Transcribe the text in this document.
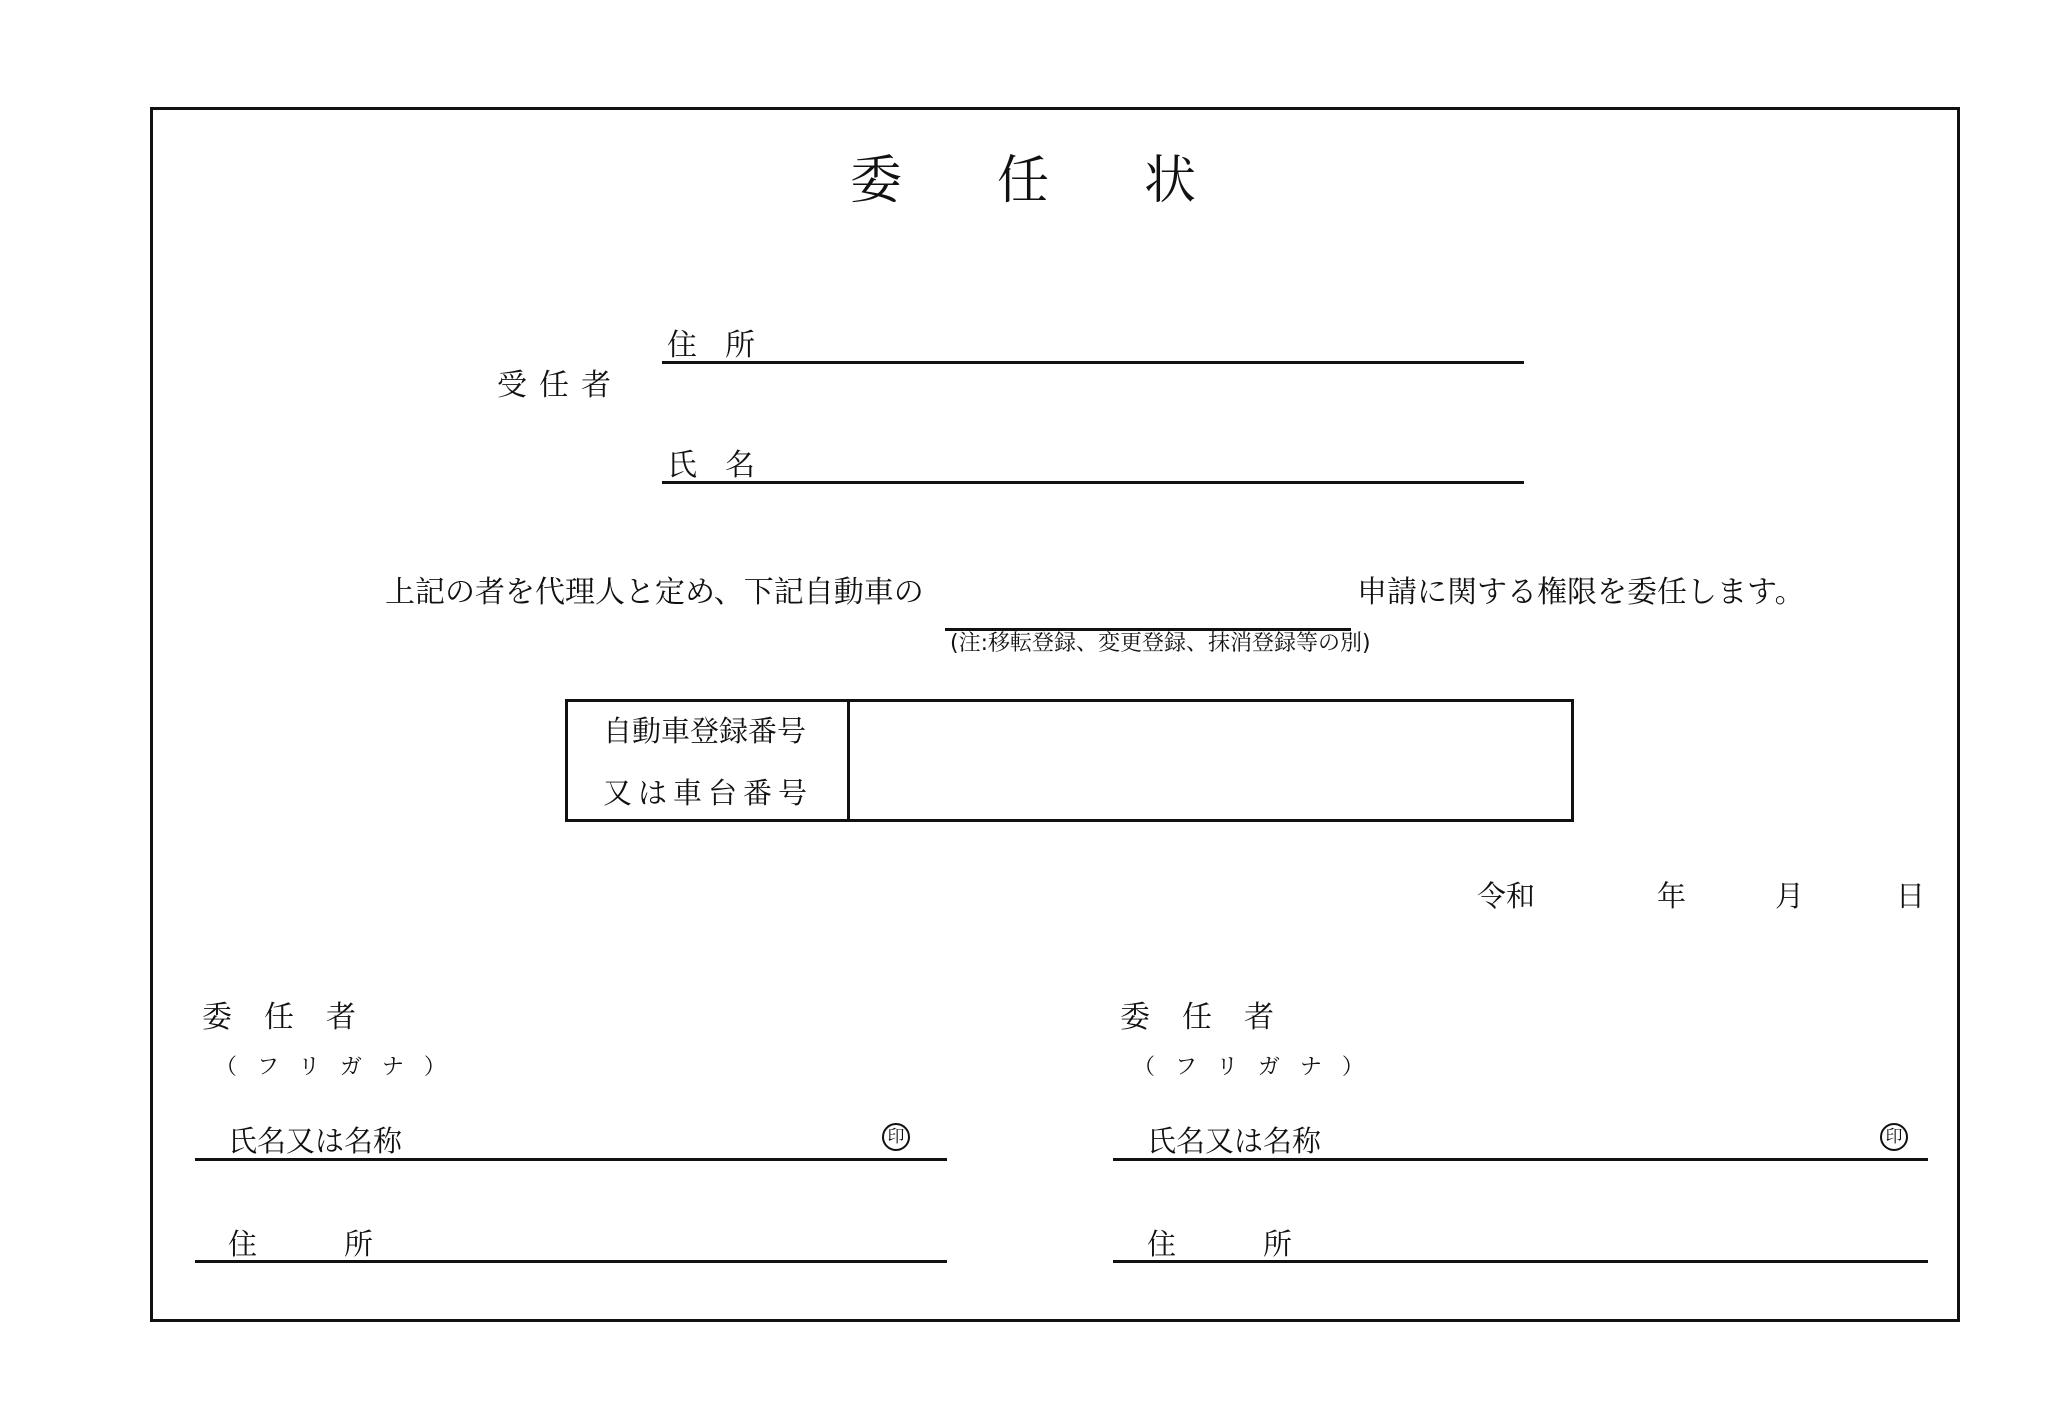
委任状
受任者
住所
氏名
上記の者を代理人と定め、下記自動車の	申請に関する権限を委任します。
(注:移転登録、変更登録、抹消登録等の別)
自動車登録番号
又は車台番号
令和	年	月	日
委任者
（フリガナ）
氏名又は名称	印
住　　　所
委任者
（フリガナ）
氏名又は名称	印
住　　　所
